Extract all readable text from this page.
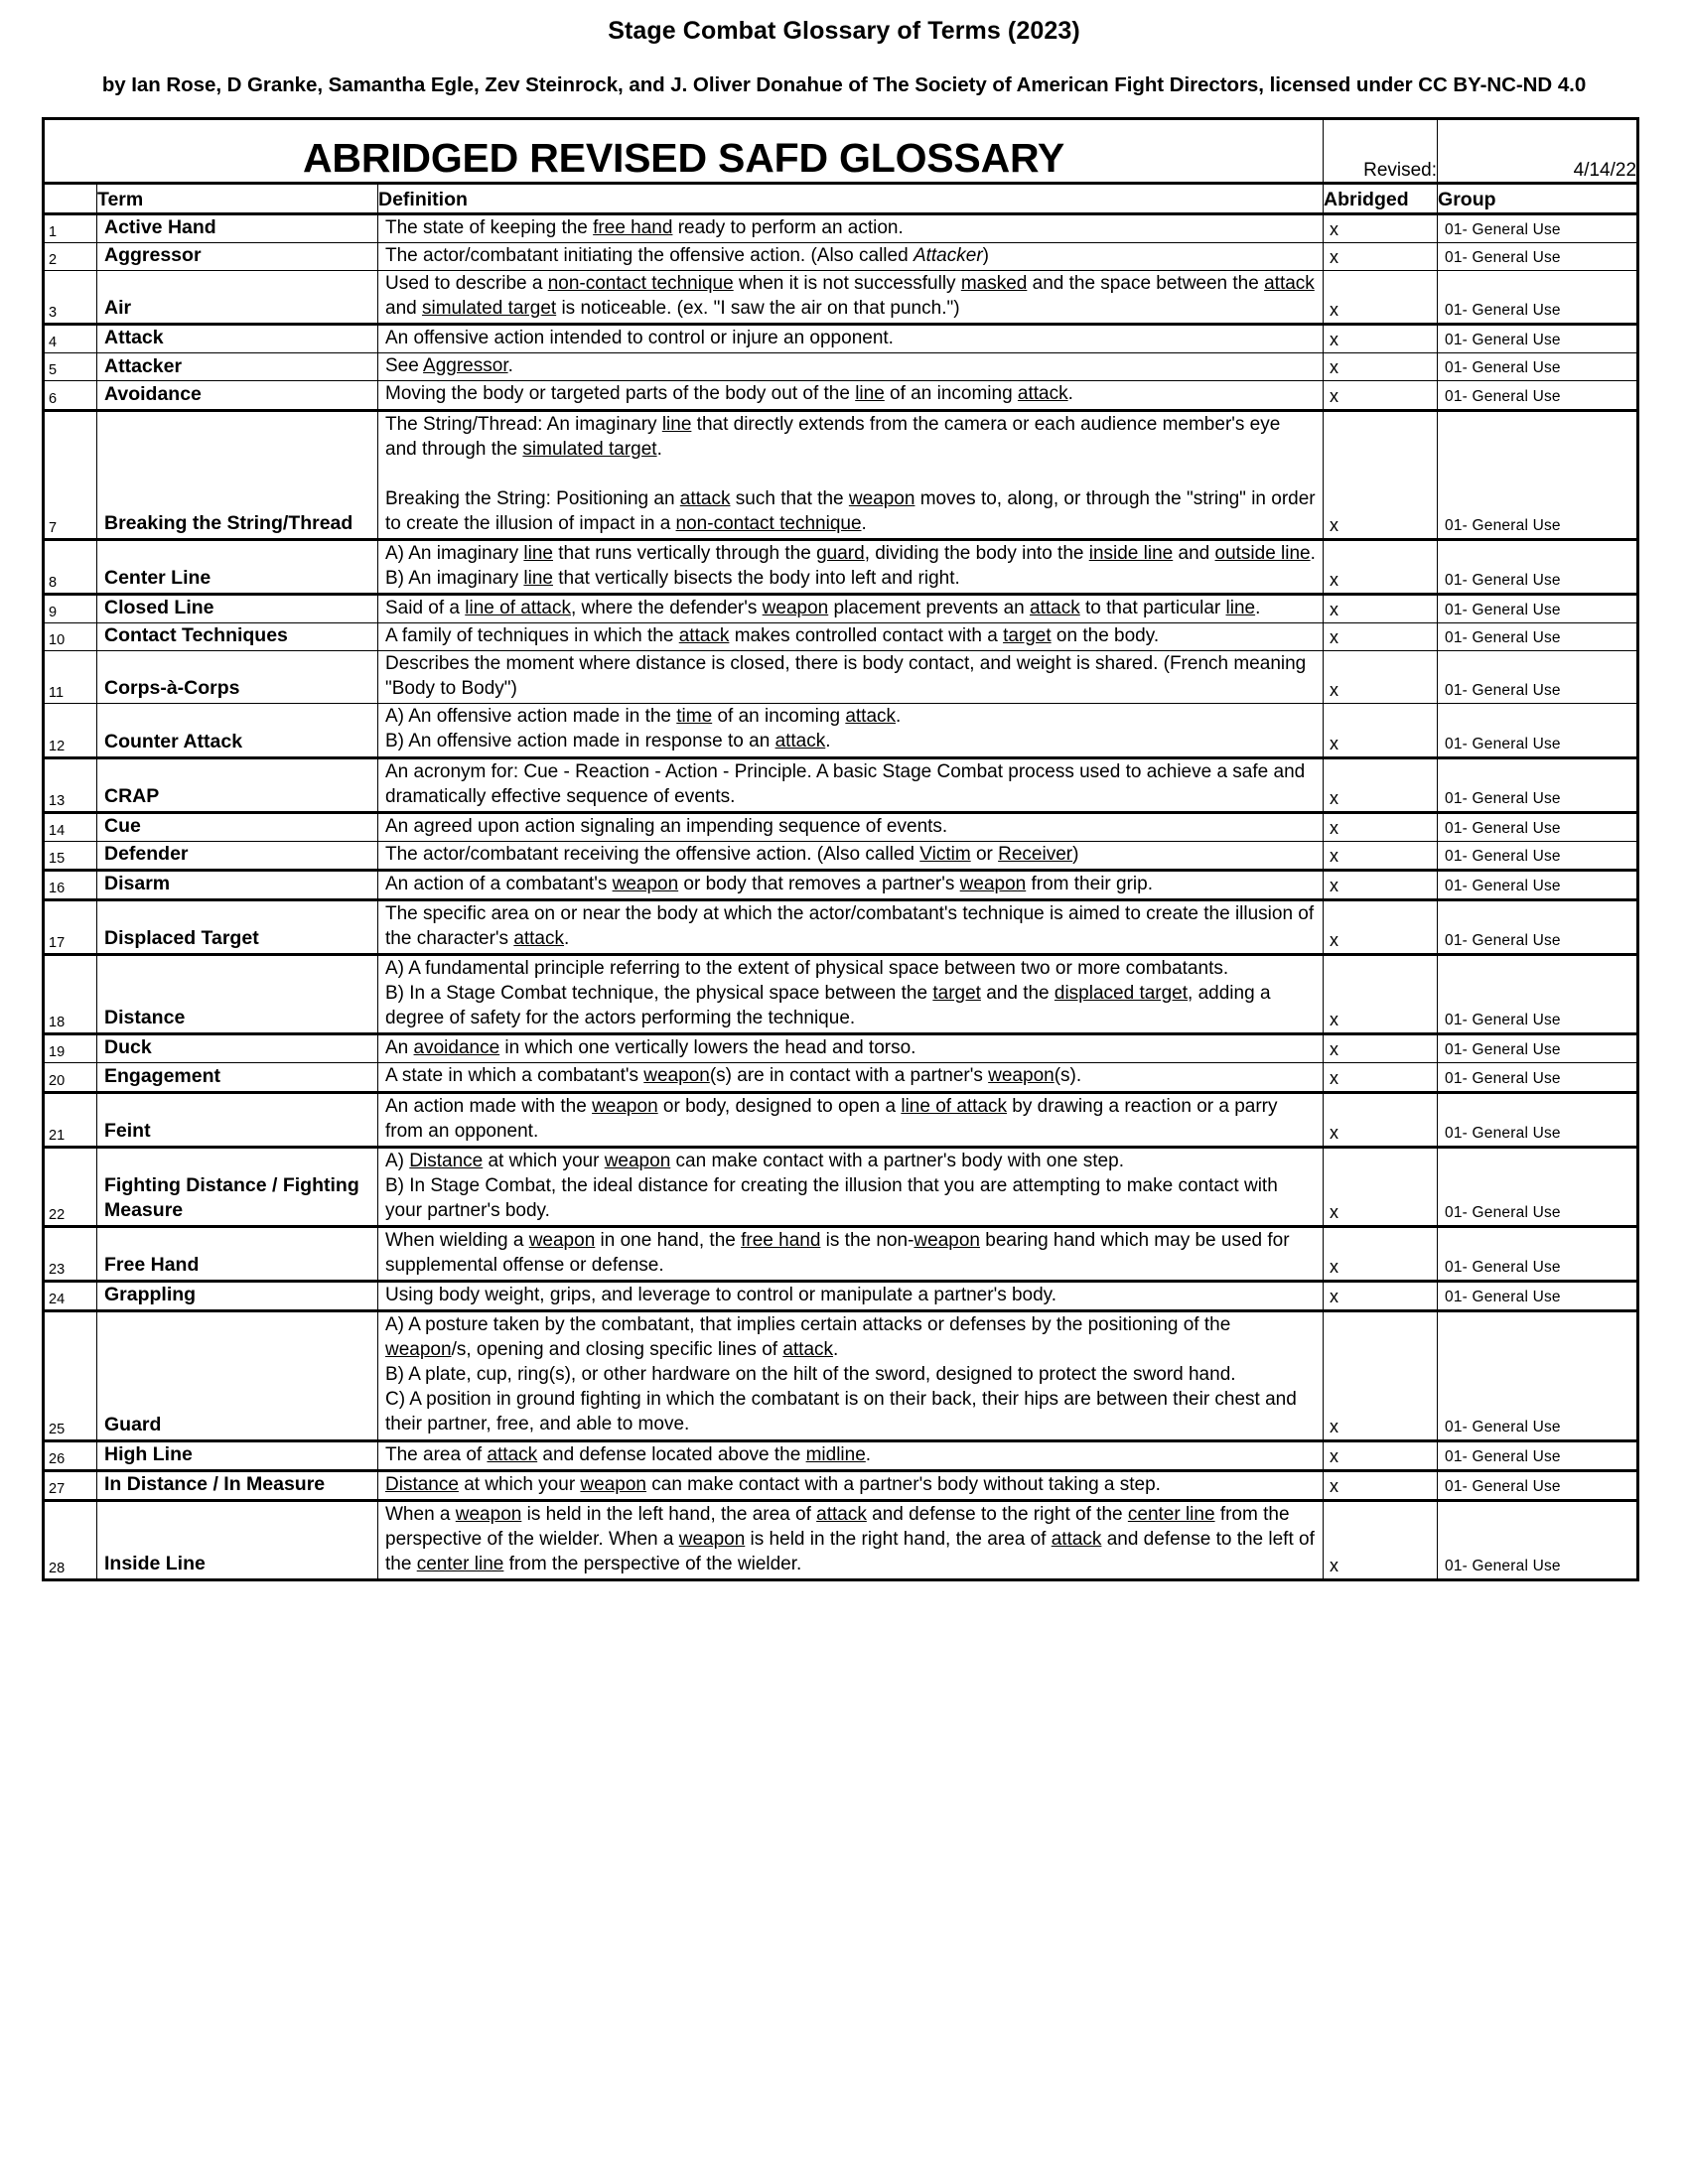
Stage Combat Glossary of Terms (2023)
by Ian Rose, D Granke, Samantha Egle, Zev Steinrock, and J. Oliver Donahue of The Society of American Fight Directors, licensed under CC BY-NC-ND 4.0
ABRIDGED REVISED SAFD GLOSSARY			Revised:	4/14/22
	Term	Definition	Abridged	Group
1	Active Hand	The state of keeping the free hand ready to perform an action.	x	01- General Use
2	Aggressor	The actor/combatant initiating the offensive action. (Also called Attacker)	x	01- General Use
3	Air	Used to describe a non-contact technique when it is not successfully masked and the space between the attack and simulated target is noticeable. (ex. "I saw the air on that punch.")	x	01- General Use
4	Attack	An offensive action intended to control or injure an opponent.	x	01- General Use
5	Attacker	See Aggressor.	x	01- General Use
6	Avoidance	Moving the body or targeted parts of the body out of the line of an incoming attack.	x	01- General Use
7	Breaking the String/Thread	The String/Thread: An imaginary line that directly extends from the camera or each audience member's eye and through the simulated target.

Breaking the String: Positioning an attack such that the weapon moves to, along, or through the "string" in order to create the illusion of impact in a non-contact technique.	x	01- General Use
8	Center Line	A) An imaginary line that runs vertically through the guard, dividing the body into the inside line and outside line.
B) An imaginary line that vertically bisects the body into left and right.	x	01- General Use
9	Closed Line	Said of a line of attack, where the defender's weapon placement prevents an attack to that particular line.	x	01- General Use
10	Contact Techniques	A family of techniques in which the attack makes controlled contact with a target on the body.	x	01- General Use
11	Corps-à-Corps	Describes the moment where distance is closed, there is body contact, and weight is shared. (French meaning "Body to Body")	x	01- General Use
12	Counter Attack	A) An offensive action made in the time of an incoming attack.
B) An offensive action made in response to an attack.	x	01- General Use
13	CRAP	An acronym for: Cue - Reaction - Action - Principle. A basic Stage Combat process used to achieve a safe and dramatically effective sequence of events.	x	01- General Use
14	Cue	An agreed upon action signaling an impending sequence of events.	x	01- General Use
15	Defender	The actor/combatant receiving the offensive action. (Also called Victim or Receiver)	x	01- General Use
16	Disarm	An action of a combatant's weapon or body that removes a partner's weapon from their grip.	x	01- General Use
17	Displaced Target	The specific area on or near the body at which the actor/combatant's technique is aimed to create the illusion of the character's attack.	x	01- General Use
18	Distance	A) A fundamental principle referring to the extent of physical space between two or more combatants.
B) In a Stage Combat technique, the physical space between the target and the displaced target, adding a degree of safety for the actors performing the technique.	x	01- General Use
19	Duck	An avoidance in which one vertically lowers the head and torso.	x	01- General Use
20	Engagement	A state in which a combatant's weapon(s) are in contact with a partner's weapon(s).	x	01- General Use
21	Feint	An action made with the weapon or body, designed to open a line of attack by drawing a reaction or a parry from an opponent.	x	01- General Use
22	Fighting Distance / Fighting Measure	A) Distance at which your weapon can make contact with a partner's body with one step.
B) In Stage Combat, the ideal distance for creating the illusion that you are attempting to make contact with your partner's body.	x	01- General Use
23	Free Hand	When wielding a weapon in one hand, the free hand is the non-weapon bearing hand which may be used for supplemental offense or defense.	x	01- General Use
24	Grappling	Using body weight, grips, and leverage to control or manipulate a partner's body.	x	01- General Use
25	Guard	A) A posture taken by the combatant, that implies certain attacks or defenses by the positioning of the weapon/s, opening and closing specific lines of attack.
B) A plate, cup, ring(s), or other hardware on the hilt of the sword, designed to protect the sword hand.
C) A position in ground fighting in which the combatant is on their back, their hips are between their chest and their partner, free, and able to move.	x	01- General Use
26	High Line	The area of attack and defense located above the midline.	x	01- General Use
27	In Distance / In Measure	Distance at which your weapon can make contact with a partner's body without taking a step.	x	01- General Use
28	Inside Line	When a weapon is held in the left hand, the area of attack and defense to the right of the center line from the perspective of the wielder. When a weapon is held in the right hand, the area of attack and defense to the left of the center line from the perspective of the wielder.	x	01- General Use
